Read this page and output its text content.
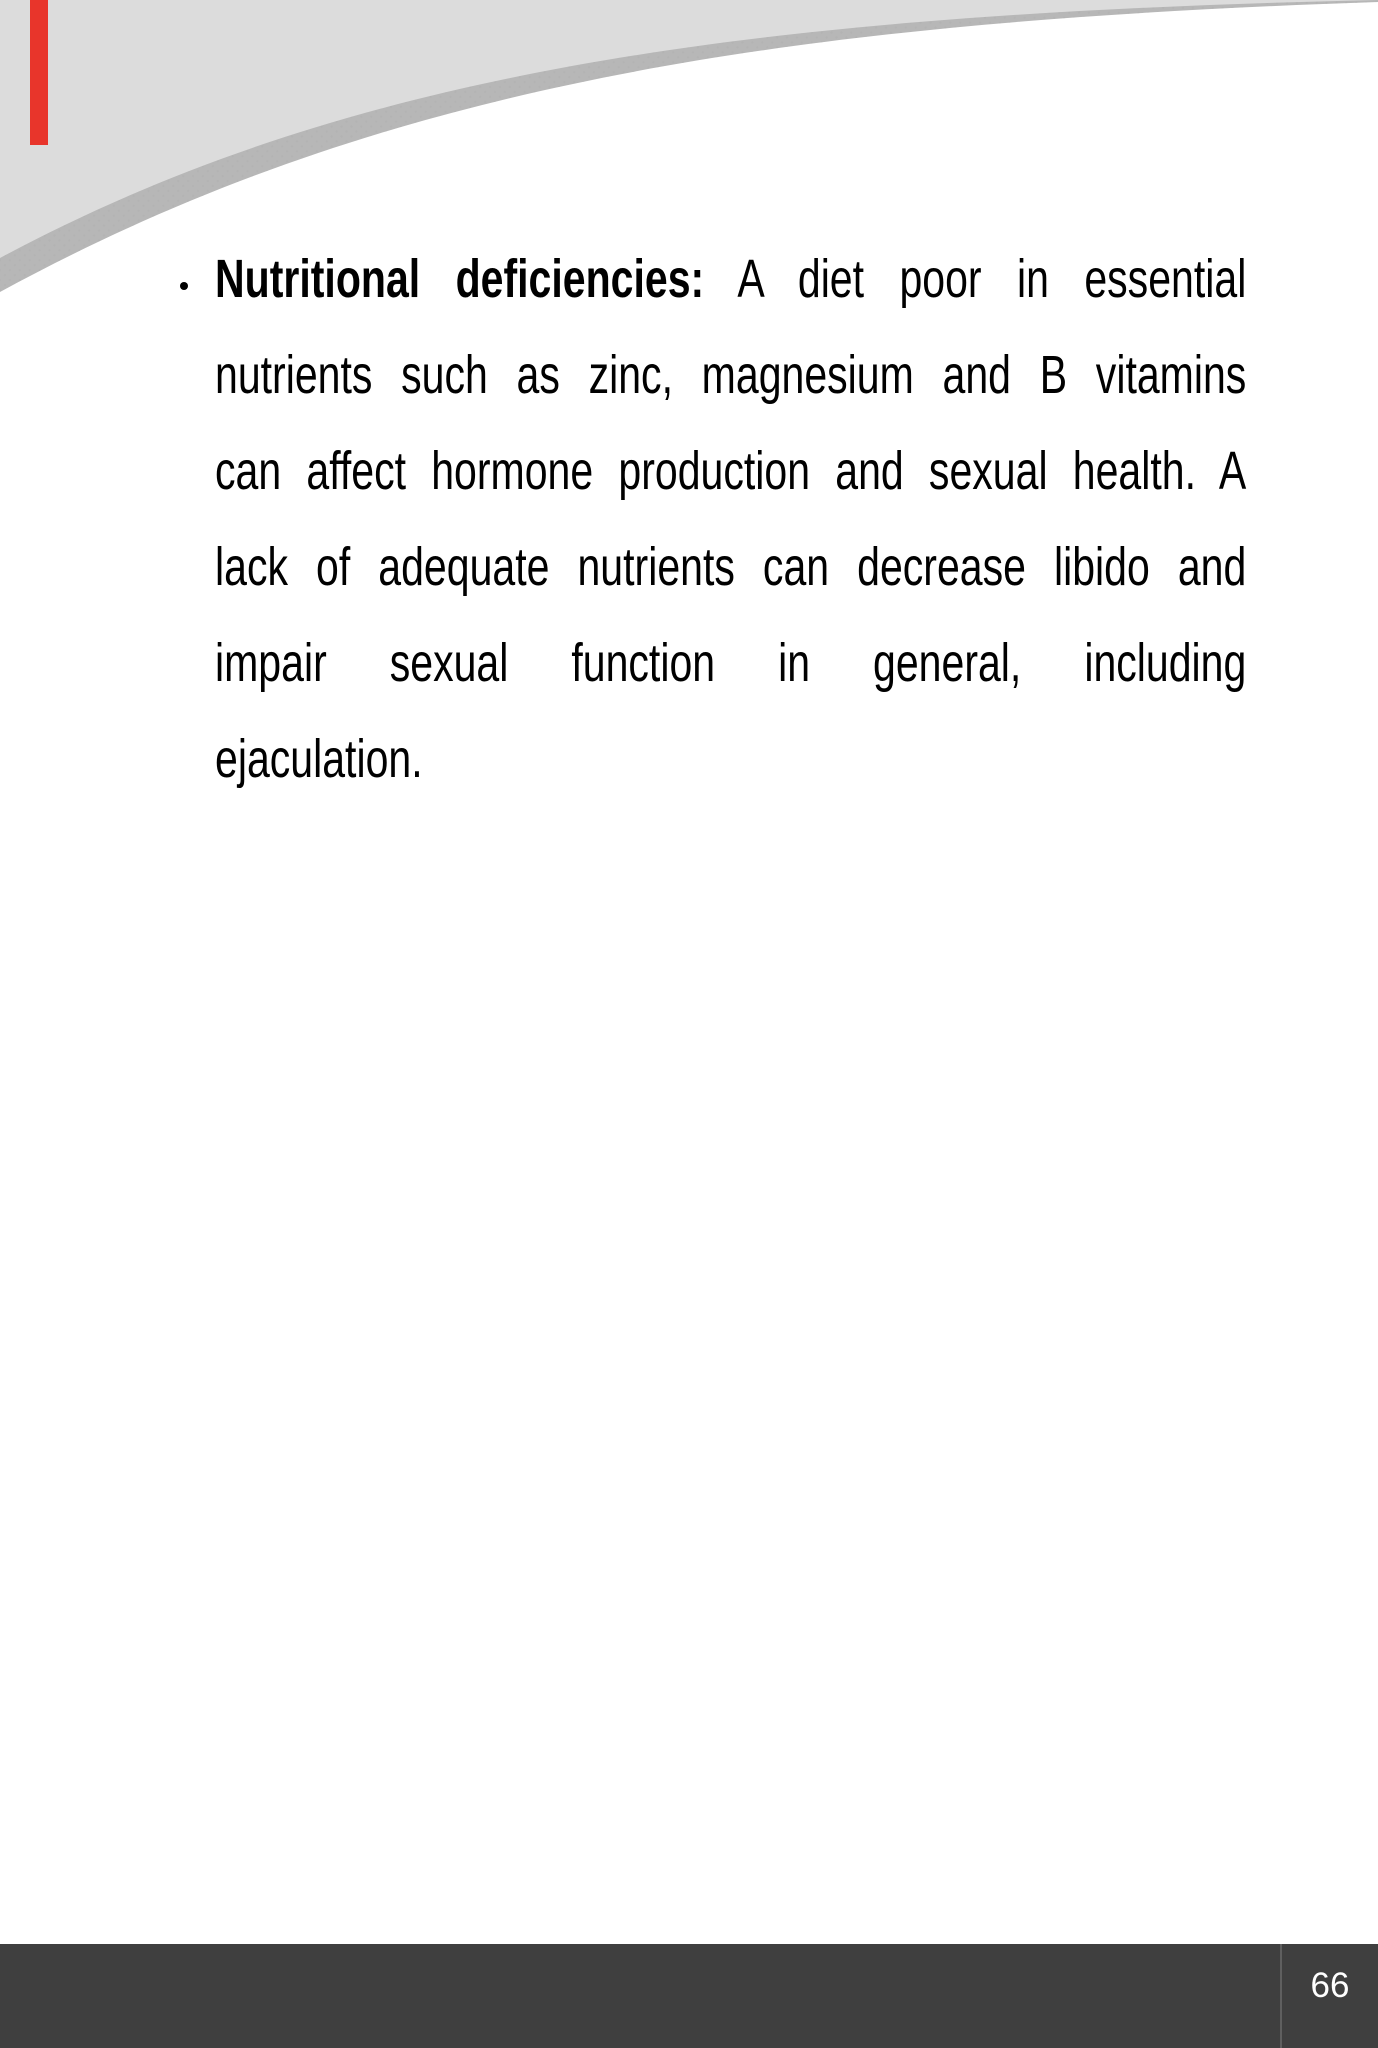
Nutritional deficiencies: A diet poor in essential
nutrients such as zinc, magnesium and B vitamins
can affect hormone production and sexual health. A
lack of adequate nutrients can decrease libido and
impair sexual function in general, including
ejaculation.
66
